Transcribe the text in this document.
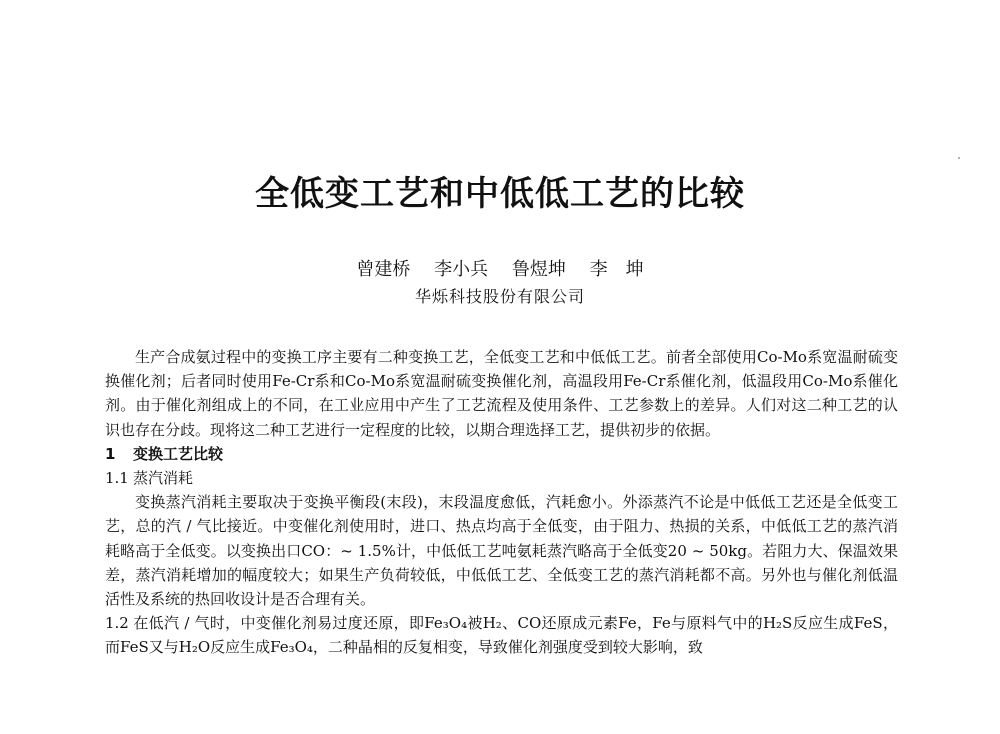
全低变工艺和中低低工艺的比较
曾建桥 李小兵 鲁煜坤 李　坤
华烁科技股份有限公司

生产合成氨过程中的变换工序主要有二种变换工艺，全低变工艺和中低低工艺。前者全部使用Co-Mo系宽温耐硫变换催化剂；后者同时使用Fe-Cr系和Co-Mo系宽温耐硫变换催化剂，高温段用Fe-Cr系催化剂，低温段用Co-Mo系催化剂。由于催化剂组成上的不同，在工业应用中产生了工艺流程及使用条件、工艺参数上的差异。人们对这二种工艺的认识也存在分歧。现将这二种工艺进行一定程度的比较，以期合理选择工艺，提供初步的依据。

1 变换工艺比较

1.1 蒸汽消耗

变换蒸汽消耗主要取决于变换平衡段(末段)，末段温度愈低，汽耗愈小。外添蒸汽不论是中低低工艺还是全低变工艺，总的汽 / 气比接近。中变催化剂使用时，进口、热点均高于全低变，由于阻力、热损的关系，中低低工艺的蒸汽消耗略高于全低变。以变换出口CO：~ 1.5%计，中低低工艺吨氨耗蒸汽略高于全低变20 ~ 50kg。若阻力大、保温效果差，蒸汽消耗增加的幅度较大；如果生产负荷较低，中低低工艺、全低变工艺的蒸汽消耗都不高。另外也与催化剂低温活性及系统的热回收设计是否合理有关。

1.2 在低汽 / 气时，中变催化剂易过度还原，即Fe₃O₄被H₂、CO还原成元素Fe，Fe与原料气中的H₂S反应生成FeS，而FeS又与H₂O反应生成Fe₃O₄，二种晶相的反复相变，导致催化剂强度受到较大影响，致
